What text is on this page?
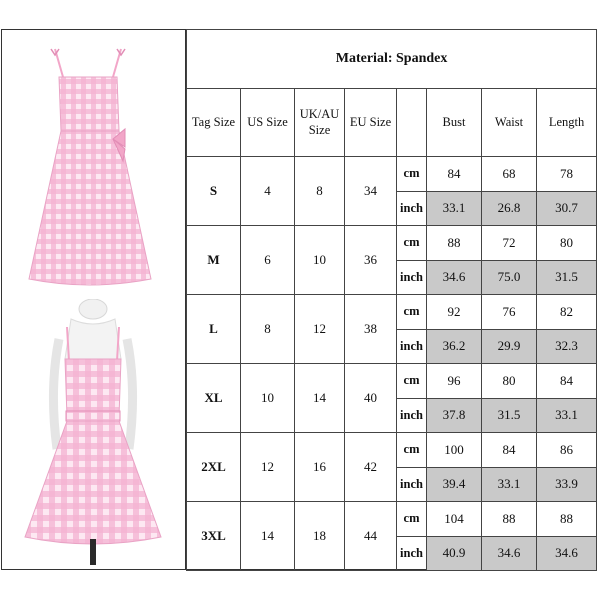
Material: Spandex							
Tag Size	US Size	UK/AU Size	EU Size		Bust	Waist	Length
S	4	8	34	cm	84	68	78
				inch	33.1	26.8	30.7
M	6	10	36	cm	88	72	80
				inch	34.6	75.0	31.5
L	8	12	38	cm	92	76	82
				inch	36.2	29.9	32.3
XL	10	14	40	cm	96	80	84
				inch	37.8	31.5	33.1
2XL	12	16	42	cm	100	84	86
				inch	39.4	33.1	33.9
3XL	14	18	44	cm	104	88	88
				inch	40.9	34.6	34.6
